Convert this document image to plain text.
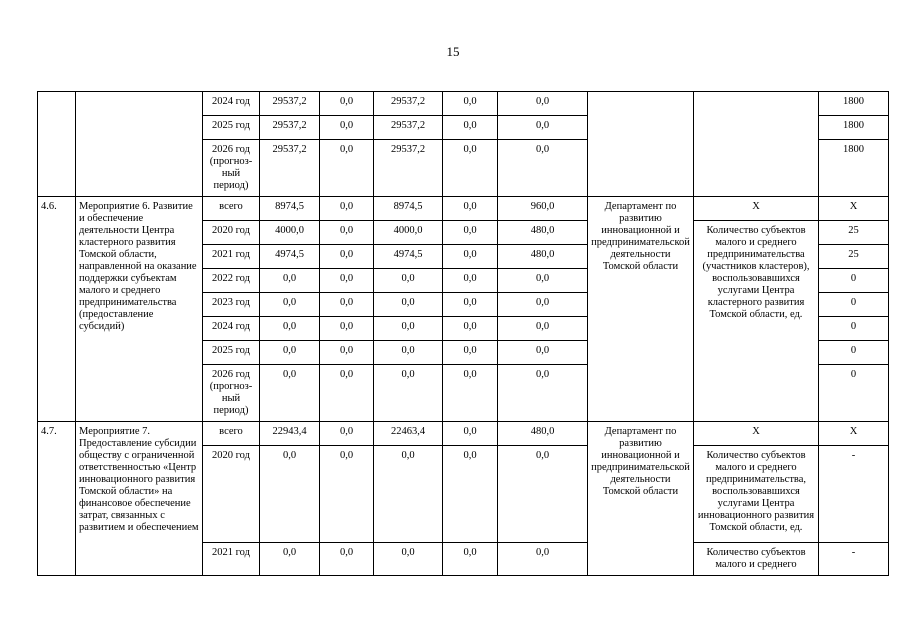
15
		2024 год	29537,2	0,0	29537,2	0,0	0,0			1800
		2025 год	29537,2	0,0	29537,2	0,0	0,0			1800
		2026 год (прогноз-ный период)	29537,2	0,0	29537,2	0,0	0,0			1800
4.6.	Мероприятие 6. Развитие и обеспечение деятельности Центра кластерного развития Томской области, направленной на оказание поддержки субъектам малого и среднего предпринимательства (предоставление субсидий)	всего	8974,5	0,0	8974,5	0,0	960,0	Департамент по развитию инновационной и предпринимательской деятельности Томской области	Х	Х
		2020 год	4000,0	0,0	4000,0	0,0	480,0		Количество субъектов малого и среднего предпринимательства (участников кластеров), воспользовавшихся услугами Центра кластерного развития Томской области, ед.	25
		2021 год	4974,5	0,0	4974,5	0,0	480,0			25
		2022 год	0,0	0,0	0,0	0,0	0,0			0
		2023 год	0,0	0,0	0,0	0,0	0,0			0
		2024 год	0,0	0,0	0,0	0,0	0,0			0
		2025 год	0,0	0,0	0,0	0,0	0,0			0
		2026 год (прогноз-ный период)	0,0	0,0	0,0	0,0	0,0			0
4.7.	Мероприятие 7. Предоставление субсидии обществу с ограниченной ответственностью «Центр инновационного развития Томской области» на финансовое обеспечение затрат, связанных с развитием и обеспечением	всего	22943,4	0,0	22463,4	0,0	480,0	Департамент по развитию инновационной и предпринимательской деятельности Томской области	Х	Х
		2020 год	0,0	0,0	0,0	0,0	0,0		Количество субъектов малого и среднего предпринимательства, воспользовавшихся услугами Центра инновационного развития Томской области, ед.	-
		2021 год	0,0	0,0	0,0	0,0	0,0		Количество субъектов малого и среднего	-
